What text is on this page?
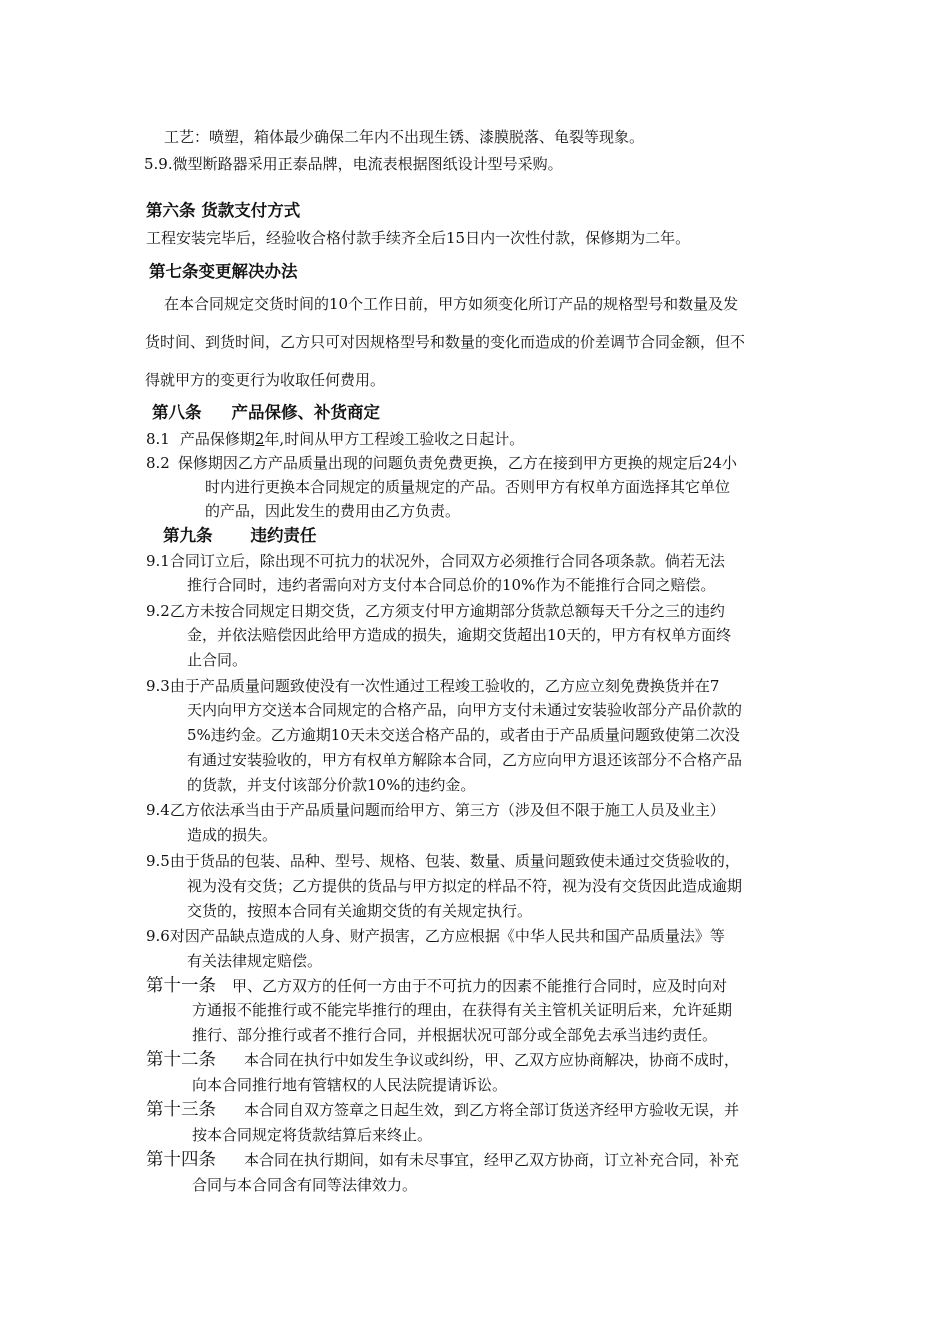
工艺：喷塑，箱体最少确保二年内不出现生锈、漆膜脱落、龟裂等现象。
5.9.微型断路器采用正泰品牌，电流表根据图纸设计型号采购。
第六条 货款支付方式
工程安装完毕后，经验收合格付款手续齐全后15日内一次性付款，保修期为二年。
第七条变更解决办法
在本合同规定交货时间的10个工作日前，甲方如须变化所订产品的规格型号和数量及发
货时间、到货时间，乙方只可对因规格型号和数量的变化而造成的价差调节合同金额，但不
得就甲方的变更行为收取任何费用。
第八条 产品保修、补货商定
8.1 产品保修期2年,时间从甲方工程竣工验收之日起计。
8.2 保修期因乙方产品质量出现的问题负责免费更换，乙方在接到甲方更换的规定后24小
时内进行更换本合同规定的质量规定的产品。否则甲方有权单方面选择其它单位
的产品，因此发生的费用由乙方负责。
第九条 违约责任
9.1合同订立后，除出现不可抗力的状况外，合同双方必须推行合同各项条款。倘若无法
推行合同时，违约者需向对方支付本合同总价的10%作为不能推行合同之赔偿。
9.2乙方未按合同规定日期交货，乙方须支付甲方逾期部分货款总额每天千分之三的违约
金，并依法赔偿因此给甲方造成的损失，逾期交货超出10天的，甲方有权单方面终
止合同。
9.3由于产品质量问题致使没有一次性通过工程竣工验收的，乙方应立刻免费换货并在7
天内向甲方交送本合同规定的合格产品，向甲方支付未通过安装验收部分产品价款的
5%违约金。乙方逾期10天未交送合格产品的，或者由于产品质量问题致使第二次没
有通过安装验收的，甲方有权单方解除本合同，乙方应向甲方退还该部分不合格产品
的货款，并支付该部分价款10%的违约金。
9.4乙方依法承当由于产品质量问题而给甲方、第三方（涉及但不限于施工人员及业主）
造成的损失。
9.5由于货品的包装、品种、型号、规格、包装、数量、质量问题致使未通过交货验收的，
视为没有交货；乙方提供的货品与甲方拟定的样品不符，视为没有交货因此造成逾期
交货的，按照本合同有关逾期交货的有关规定执行。
9.6对因产品缺点造成的人身、财产损害，乙方应根据《中华人民共和国产品质量法》等
有关法律规定赔偿。
第十一条 甲、乙方双方的任何一方由于不可抗力的因素不能推行合同时，应及时向对
方通报不能推行或不能完毕推行的理由，在获得有关主管机关证明后来，允许延期
推行、部分推行或者不推行合同，并根据状况可部分或全部免去承当违约责任。
第十二条 本合同在执行中如发生争议或纠纷，甲、乙双方应协商解决，协商不成时，
向本合同推行地有管辖权的人民法院提请诉讼。
第十三条 本合同自双方签章之日起生效，到乙方将全部订货送齐经甲方验收无误，并
按本合同规定将货款结算后来终止。
第十四条 本合同在执行期间，如有未尽事宜，经甲乙双方协商，订立补充合同，补充
合同与本合同含有同等法律效力。
